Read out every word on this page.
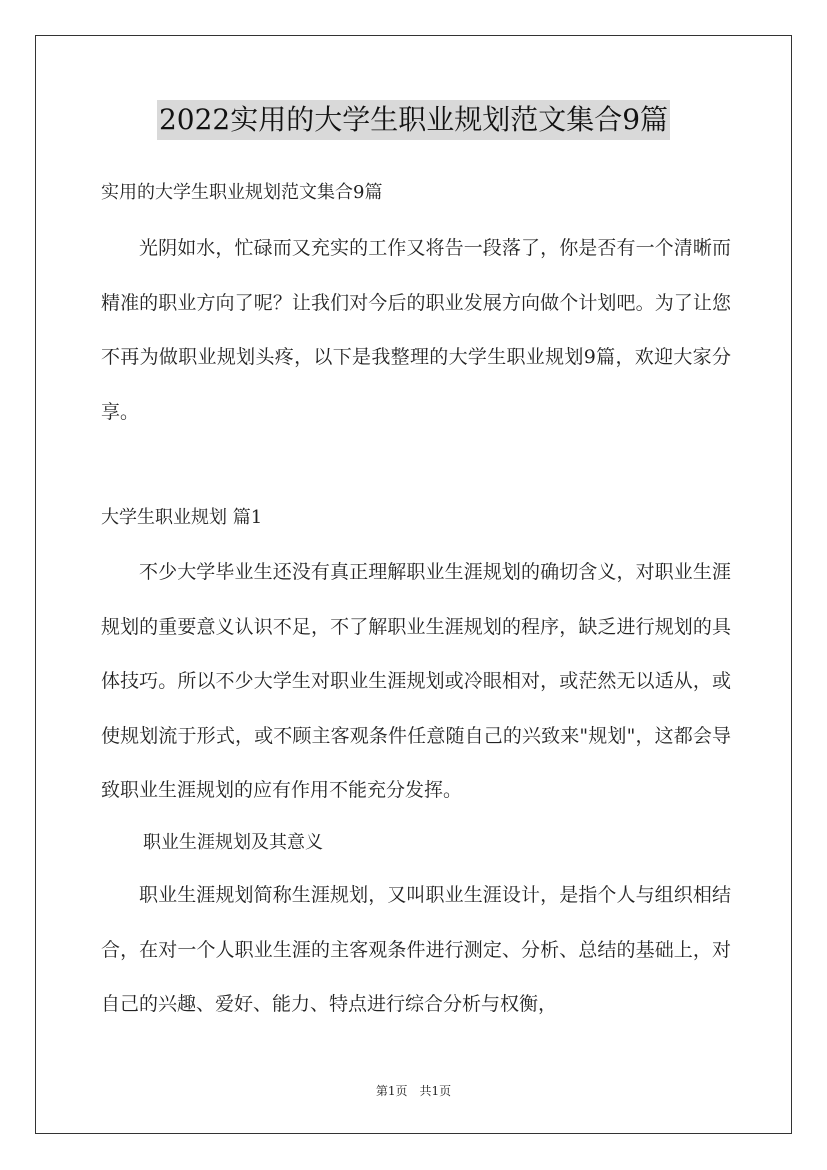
2022实用的大学生职业规划范文集合9篇
实用的大学生职业规划范文集合9篇

光阴如水，忙碌而又充实的工作又将告一段落了，你是否有一个清晰而精准的职业方向了呢？让我们对今后的职业发展方向做个计划吧。为了让您不再为做职业规划头疼，以下是我整理的大学生职业规划9篇，欢迎大家分享。

大学生职业规划 篇1

不少大学毕业生还没有真正理解职业生涯规划的确切含义，对职业生涯规划的重要意义认识不足，不了解职业生涯规划的程序，缺乏进行规划的具体技巧。所以不少大学生对职业生涯规划或冷眼相对，或茫然无以适从，或使规划流于形式，或不顾主客观条件任意随自己的兴致来"规划"，这都会导致职业生涯规划的应有作用不能充分发挥。

职业生涯规划及其意义

职业生涯规划简称生涯规划，又叫职业生涯设计，是指个人与组织相结合，在对一个人职业生涯的主客观条件进行测定、分析、总结的基础上，对自己的兴趣、爱好、能力、特点进行综合分析与权衡，

第1页　共1页
